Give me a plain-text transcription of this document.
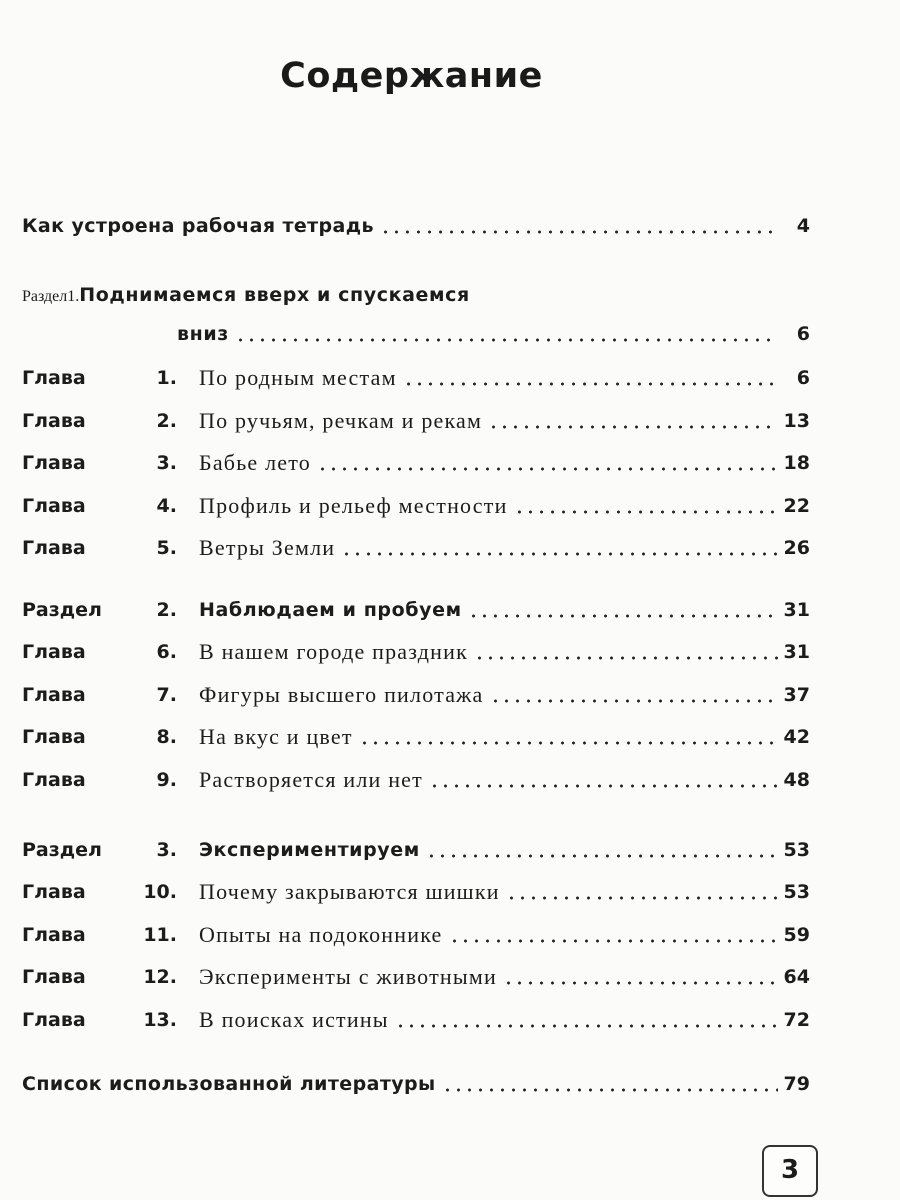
Содержание
Как устроена рабочая тетрадь	4
Раздел 1. Поднимаемся вверх и спускаемся
вниз	6
Глава	1. По родным местам	6
Глава	2. По ручьям, речкам и рекам	13
Глава	3. Бабье лето	18
Глава	4. Профиль и рельеф местности	22
Глава	5. Ветры Земли	26
Раздел	2. Наблюдаем и пробуем	31
Глава	6. В нашем городе праздник	31
Глава	7. Фигуры высшего пилотажа	37
Глава	8. На вкус и цвет	42
Глава	9. Растворяется или нет	48
Раздел	3. Экспериментируем	53
Глава	10. Почему закрываются шишки	53
Глава	11. Опыты на подоконнике	59
Глава	12. Эксперименты с животными	64
Глава	13. В поисках истины	72
Список использованной литературы	79
3
